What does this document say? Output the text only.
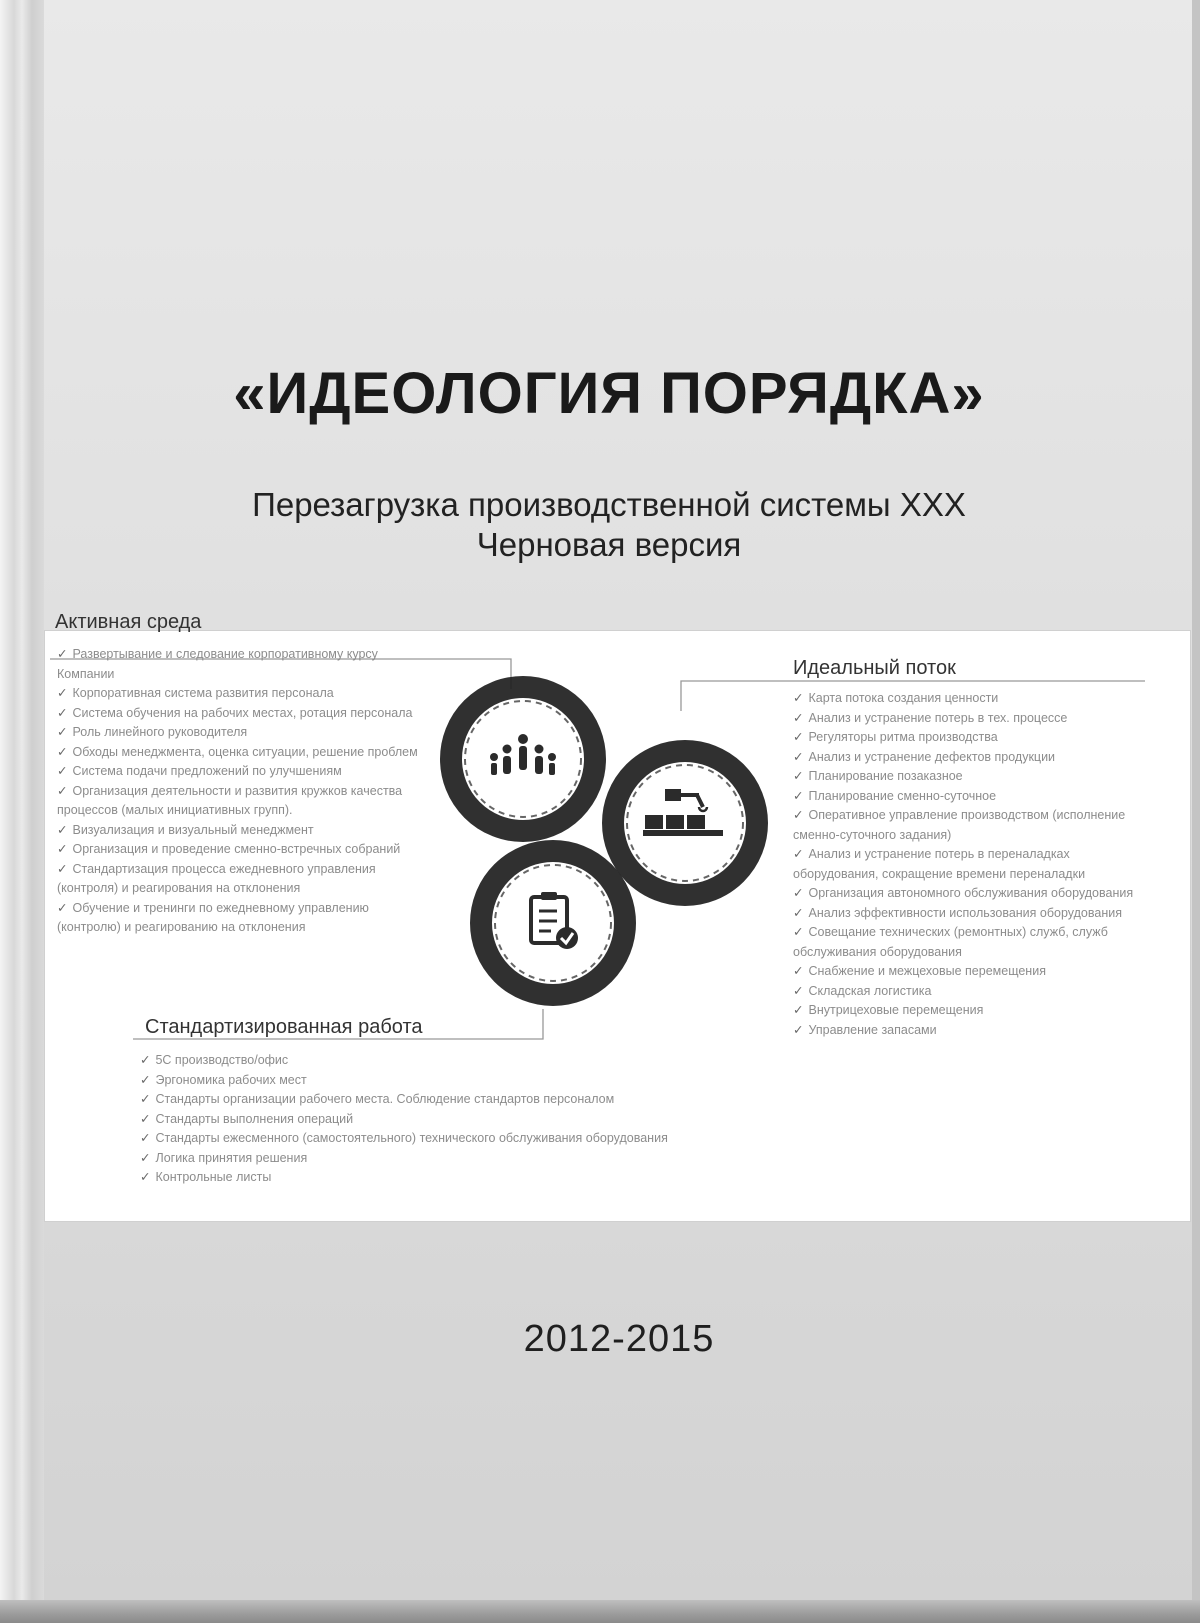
«ИДЕОЛОГИЯ ПОРЯДКА»
Перезагрузка производственной системы XXX
Черновая версия
Активная среда
✓ Развертывание и следование корпоративному курсу Компании
✓ Корпоративная система развития персонала
✓ Система обучения на рабочих местах, ротация персонала
✓ Роль линейного руководителя
✓ Обходы менеджмента, оценка ситуации, решение проблем
✓ Система подачи предложений по улучшениям
✓ Организация деятельности и развития кружков качества процессов (малых инициативных групп).
✓ Визуализация и визуальный менеджмент
✓ Организация и проведение сменно-встречных собраний
✓ Стандартизация процесса ежедневного управления (контроля) и реагирования на отклонения
✓ Обучение и тренинги по ежедневному управлению (контролю) и реагированию на отклонения
Идеальный поток
✓ Карта потока создания ценности
✓ Анализ и устранение потерь в тех. процессе
✓ Регуляторы ритма производства
✓ Анализ и устранение дефектов продукции
✓ Планирование позаказное
✓ Планирование сменно-суточное
✓ Оперативное управление производством (исполнение сменно-суточного задания)
✓ Анализ и устранение потерь в переналадках оборудования, сокращение времени переналадки
✓ Организация автономного обслуживания оборудования
✓ Анализ эффективности использования оборудования
✓ Совещание технических (ремонтных) служб, служб обслуживания оборудования
✓ Снабжение и межцеховые перемещения
✓ Складская логистика
✓ Внутрицеховые перемещения
✓ Управление запасами
Стандартизированная работа
✓ 5С производство/офис
✓ Эргономика рабочих мест
✓ Стандарты организации рабочего места. Соблюдение стандартов персоналом
✓ Стандарты выполнения операций
✓ Стандарты ежесменного (самостоятельного) технического обслуживания оборудования
✓ Логика принятия решения
✓ Контрольные листы
2012-2015
